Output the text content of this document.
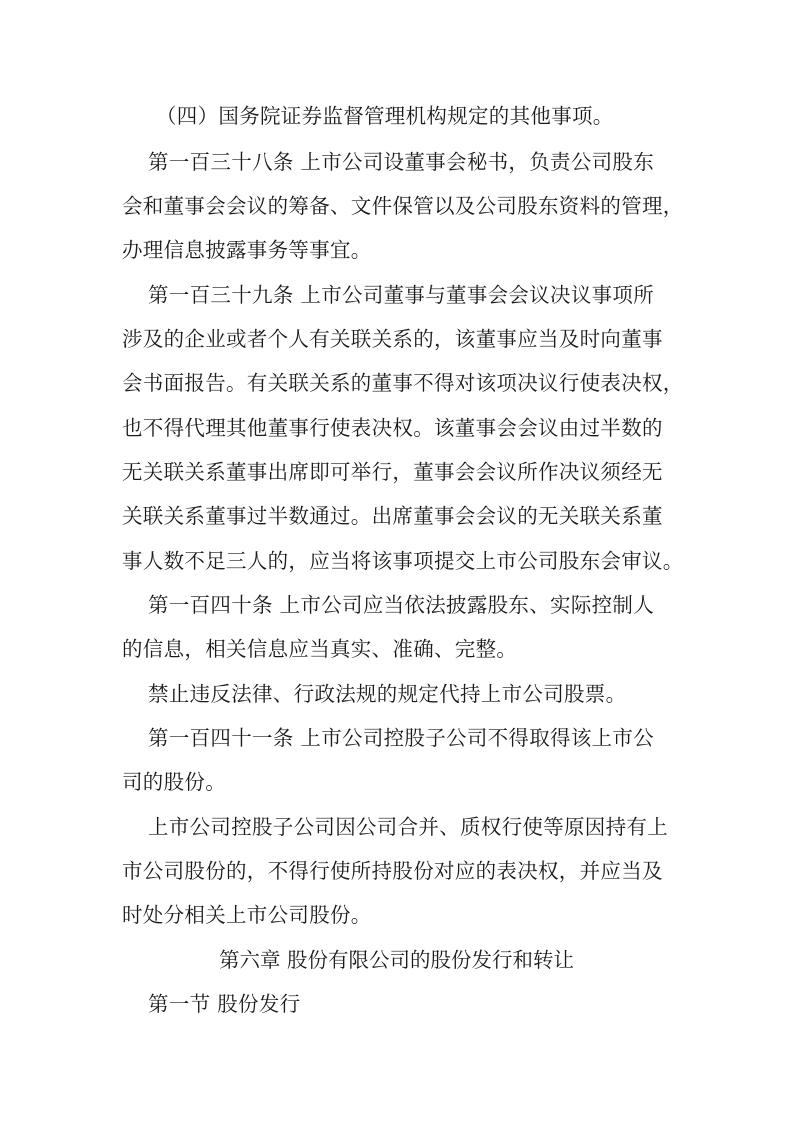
（四）国务院证券监督管理机构规定的其他事项。
第一百三十八条 上市公司设董事会秘书，负责公司股东
会和董事会会议的筹备、文件保管以及公司股东资料的管理，
办理信息披露事务等事宜。
第一百三十九条 上市公司董事与董事会会议决议事项所
涉及的企业或者个人有关联关系的，该董事应当及时向董事
会书面报告。有关联关系的董事不得对该项决议行使表决权，
也不得代理其他董事行使表决权。该董事会会议由过半数的
无关联关系董事出席即可举行，董事会会议所作决议须经无
关联关系董事过半数通过。出席董事会会议的无关联关系董
事人数不足三人的，应当将该事项提交上市公司股东会审议。
第一百四十条 上市公司应当依法披露股东、实际控制人
的信息，相关信息应当真实、准确、完整。
禁止违反法律、行政法规的规定代持上市公司股票。
第一百四十一条 上市公司控股子公司不得取得该上市公
司的股份。
上市公司控股子公司因公司合并、质权行使等原因持有上
市公司股份的，不得行使所持股份对应的表决权，并应当及
时处分相关上市公司股份。
第六章 股份有限公司的股份发行和转让
第一节 股份发行
